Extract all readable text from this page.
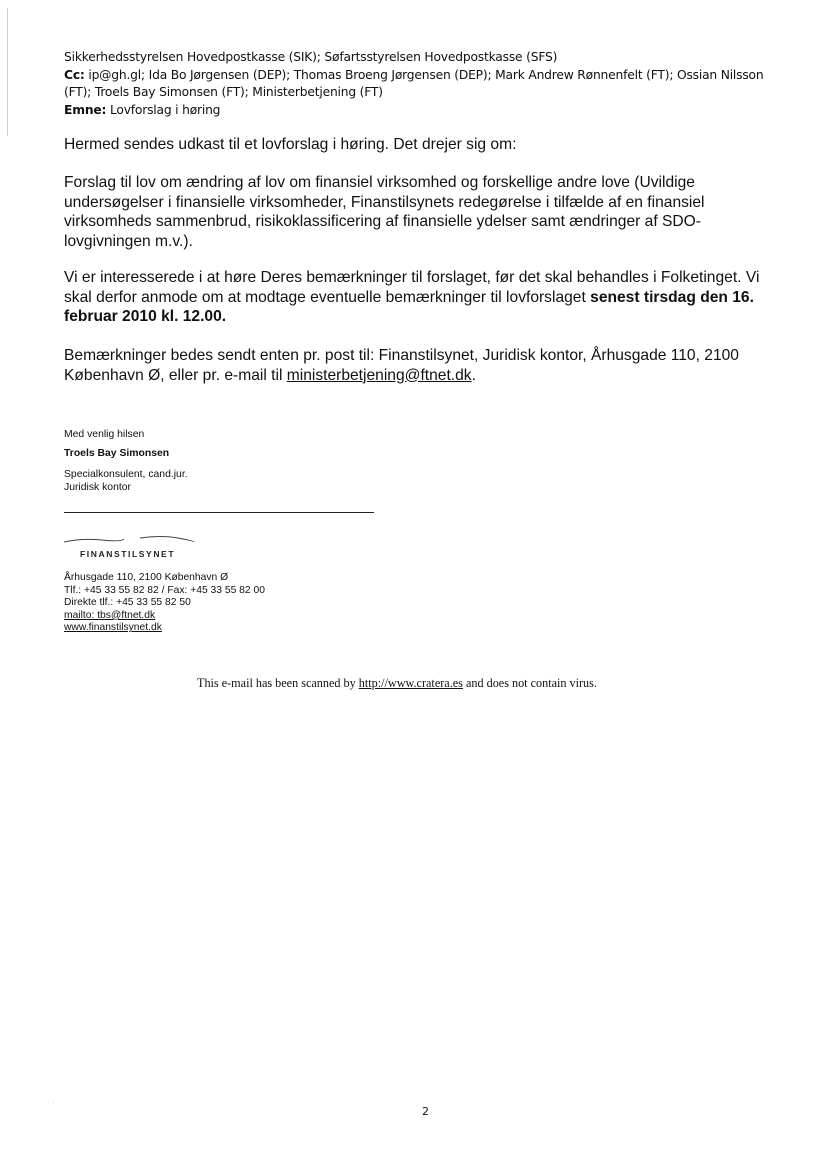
Sikkerhedsstyrelsen Hovedpostkasse (SIK); Søfartsstyrelsen Hovedpostkasse (SFS)
Cc: ip@gh.gl; Ida Bo Jørgensen (DEP); Thomas Broeng Jørgensen (DEP); Mark Andrew Rønnenfelt (FT); Ossian Nilsson (FT); Troels Bay Simonsen (FT); Ministerbetjening (FT)
Emne: Lovforslag i høring
Hermed sendes udkast til et lovforslag i høring. Det drejer sig om:
Forslag til lov om ændring af lov om finansiel virksomhed og forskellige andre love (Uvildige undersøgelser i finansielle virksomheder, Finanstilsynets redegørelse i tilfælde af en finansiel virksomheds sammenbrud, risikoklassificering af finansielle ydelser samt ændringer af SDO-lovgivningen m.v.).
Vi er interesserede i at høre Deres bemærkninger til forslaget, før det skal behandles i Folketinget. Vi skal derfor anmode om at modtage eventuelle bemærkninger til lovforslaget senest tirsdag den 16. februar 2010 kl. 12.00.
Bemærkninger bedes sendt enten pr. post til: Finanstilsynet, Juridisk kontor, Århusgade 110, 2100 København Ø, eller pr. e-mail til ministerbetjening@ftnet.dk.
Med venlig hilsen
Troels Bay Simonsen
Specialkonsulent, cand.jur.
Juridisk kontor
FINANSTILSYNET
Århusgade 110, 2100 København Ø
Tlf.: +45 33 55 82 82 / Fax: +45 33 55 82 00
Direkte tlf.: +45 33 55 82 50
mailto: tbs@ftnet.dk
www.finanstilsynet.dk
This e-mail has been scanned by http://www.cratera.es and does not contain virus.
·
2
